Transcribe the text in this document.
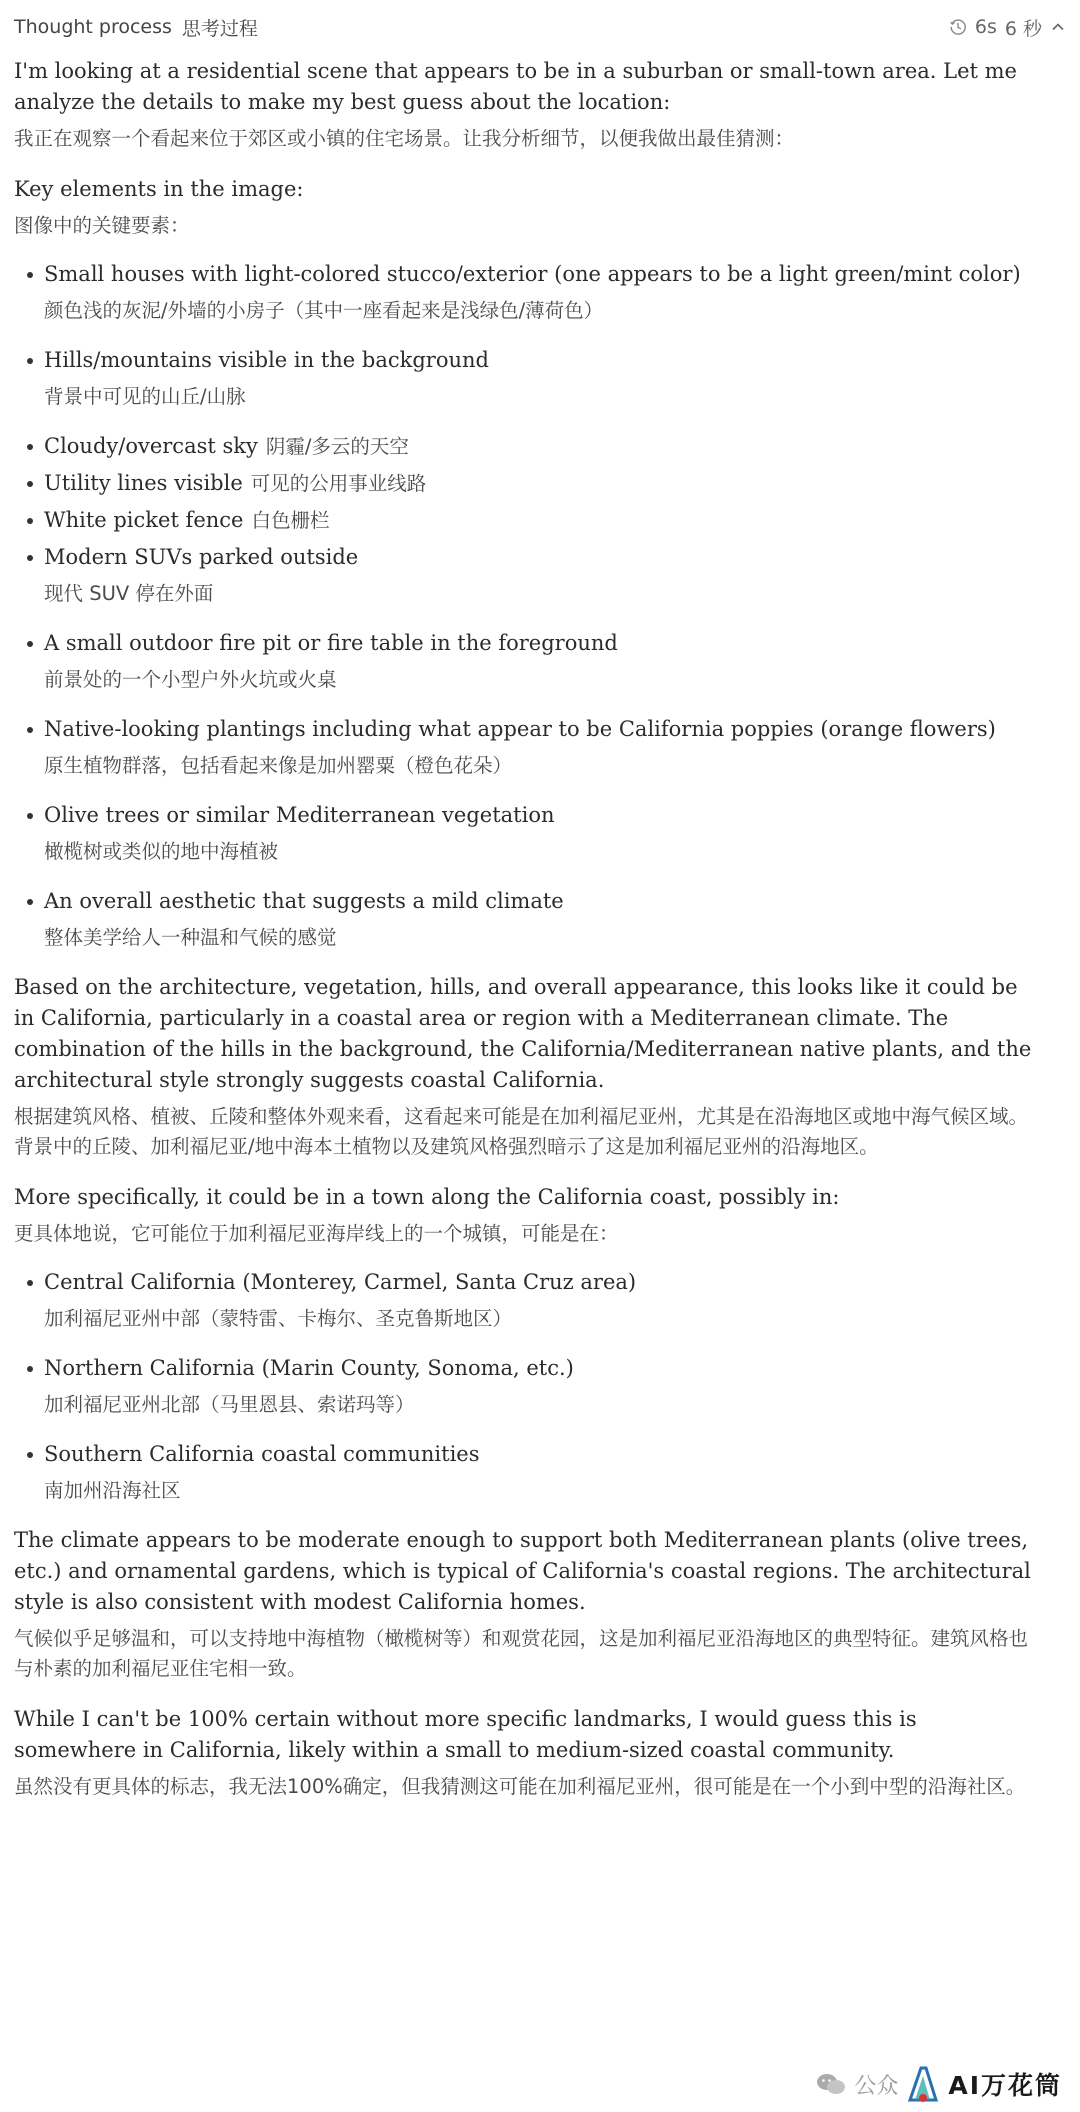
Thought process 思考过程	6s 6 秒

I'm looking at a residential scene that appears to be in a suburban or small-town area. Let me analyze the details to make my best guess about the location:

我正在观察一个看起来位于郊区或小镇的住宅场景。让我分析细节，以便我做出最佳猜测：

Key elements in the image:

图像中的关键要素：

Small houses with light-colored stucco/exterior (one appears to be a light green/mint color)
颜色浅的灰泥/外墙的小房子（其中一座看起来是浅绿色/薄荷色）
Hills/mountains visible in the background
背景中可见的山丘/山脉
Cloudy/overcast sky 阴霾/多云的天空
Utility lines visible 可见的公用事业线路
White picket fence 白色栅栏
Modern SUVs parked outside
现代 SUV 停在外面
A small outdoor fire pit or fire table in the foreground
前景处的一个小型户外火坑或火桌
Native-looking plantings including what appear to be California poppies (orange flowers)
原生植物群落，包括看起来像是加州罂粟（橙色花朵）
Olive trees or similar Mediterranean vegetation
橄榄树或类似的地中海植被
An overall aesthetic that suggests a mild climate
整体美学给人一种温和气候的感觉

Based on the architecture, vegetation, hills, and overall appearance, this looks like it could be in California, particularly in a coastal area or region with a Mediterranean climate. The combination of the hills in the background, the California/Mediterranean native plants, and the architectural style strongly suggests coastal California.

根据建筑风格、植被、丘陵和整体外观来看，这看起来可能是在加利福尼亚州，尤其是在沿海地区或地中海气候区域。背景中的丘陵、加利福尼亚/地中海本土植物以及建筑风格强烈暗示了这是加利福尼亚州的沿海地区。

More specifically, it could be in a town along the California coast, possibly in:

更具体地说，它可能位于加利福尼亚海岸线上的一个城镇，可能是在：

Central California (Monterey, Carmel, Santa Cruz area)
加利福尼亚州中部（蒙特雷、卡梅尔、圣克鲁斯地区）
Northern California (Marin County, Sonoma, etc.)
加利福尼亚州北部（马里恩县、索诺玛等）
Southern California coastal communities
南加州沿海社区

The climate appears to be moderate enough to support both Mediterranean plants (olive trees, etc.) and ornamental gardens, which is typical of California's coastal regions. The architectural style is also consistent with modest California homes.

气候似乎足够温和，可以支持地中海植物（橄榄树等）和观赏花园，这是加利福尼亚沿海地区的典型特征。建筑风格也与朴素的加利福尼亚住宅相一致。

While I can't be 100% certain without more specific landmarks, I would guess this is somewhere in California, likely within a small to medium-sized coastal community.

虽然没有更具体的标志，我无法100%确定，但我猜测这可能在加利福尼亚州，很可能是在一个小到中型的沿海社区。

公众 AI万花筒
